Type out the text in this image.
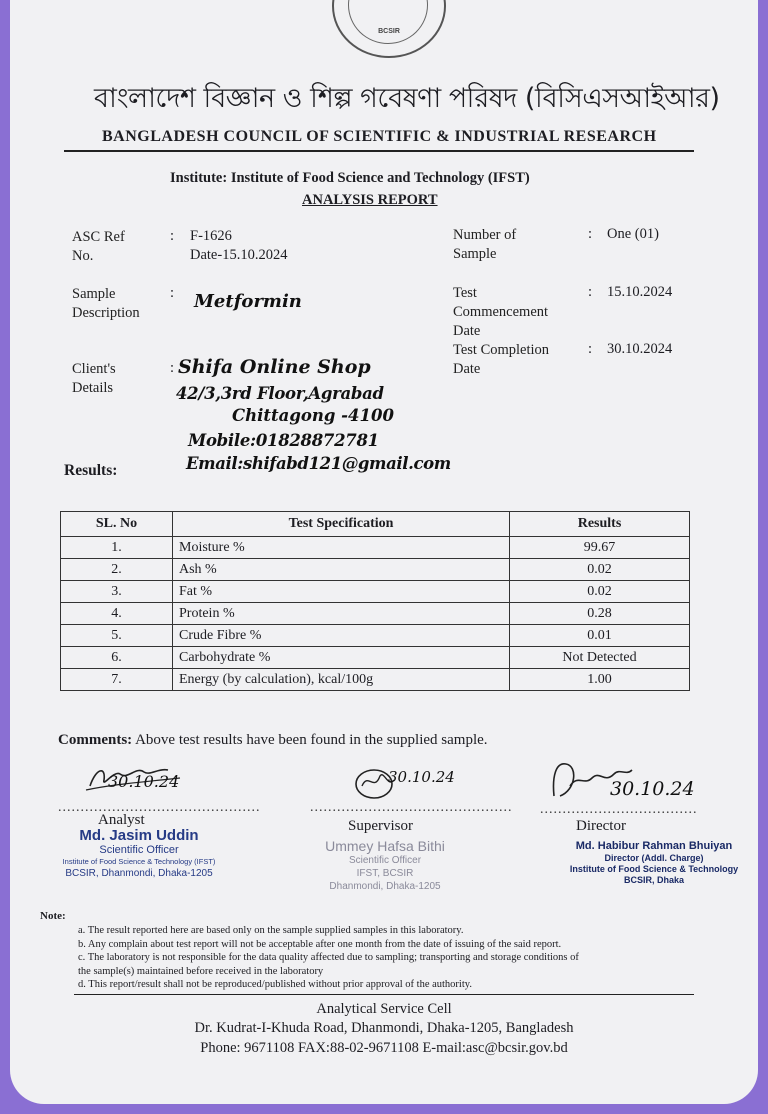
BCSIR
বাংলাদেশ বিজ্ঞান ও শিল্প গবেষণা পরিষদ (বিসিএসআইআর)
BANGLADESH COUNCIL OF SCIENTIFIC & INDUSTRIAL RESEARCH
Institute: Institute of Food Science and Technology (IFST)
ANALYSIS REPORT
ASC Ref
No.
: F-1626
Date-15.10.2024
Sample
Description
: Metformin
Client's
Details
: Shifa Online Shop
42/3,3rd Floor,Agrabad
Chittagong -4100
Mobile:01828872781
Email:shifabd121@gmail.com
Number of
Sample
: One (01)
Test
Commencement
Date
: 15.10.2024
Test Completion
Date
: 30.10.2024
Results:
SL. No	Test Specification	Results
1.	Moisture %	99.67
2.	Ash %	0.02
3.	Fat %	0.02
4.	Protein %	0.28
5.	Crude Fibre %	0.01
6.	Carbohydrate %	Not Detected
7.	Energy (by calculation), kcal/100g	1.00
Comments: Above test results have been found in the supplied sample.
30.10.24
.............................................
Analyst
Md. Jasim Uddin
Scientific Officer
Institute of Food Science & Technology (IFST)
BCSIR, Dhanmondi, Dhaka-1205
30.10.24
.............................................
Supervisor
Ummey Hafsa Bithi
Scientific Officer
IFST, BCSIR
Dhanmondi, Dhaka-1205
30.10.24
...................................
Director
Md. Habibur Rahman Bhuiyan
Director (Addl. Charge)
Institute of Food Science & Technology
BCSIR, Dhaka
Note:
a. The result reported here are based only on the sample supplied samples in this laboratory.
b. Any complain about test report will not be acceptable after one month from the date of issuing of the said report.
c. The laboratory is not responsible for the data quality affected due to sampling; transporting and storage conditions of
the sample(s) maintained before received in the laboratory
d. This report/result shall not be reproduced/published without prior approval of the authority.
Analytical Service Cell
Dr. Kudrat-I-Khuda Road, Dhanmondi, Dhaka-1205, Bangladesh
Phone: 9671108 FAX:88-02-9671108 E-mail:asc@bcsir.gov.bd
